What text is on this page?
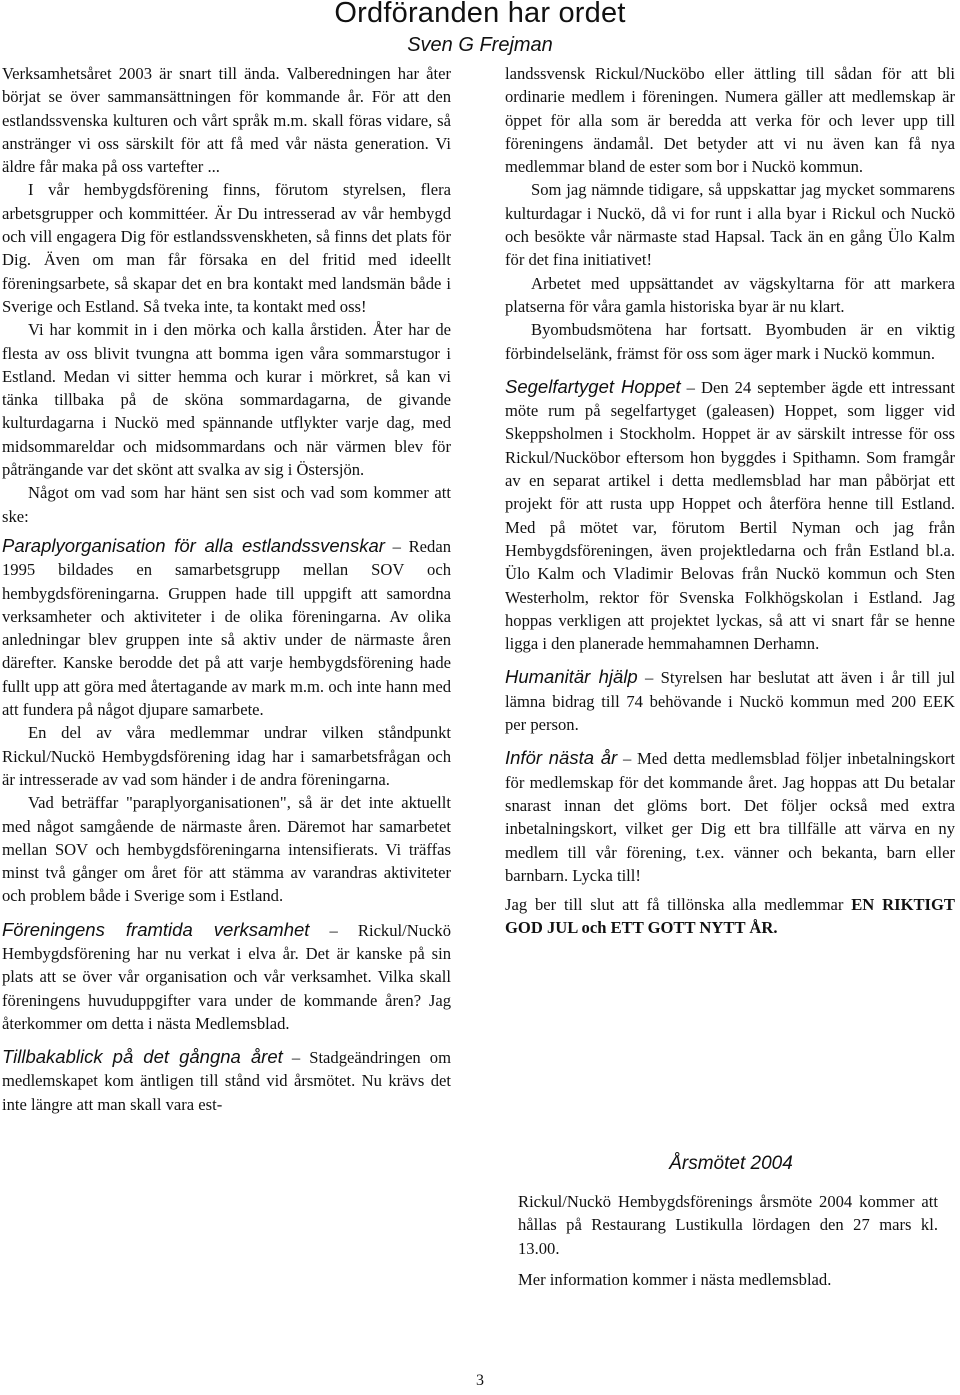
Ordföranden har ordet
Sven G Frejman

Verksamhetsåret 2003 är snart till ända. Valberedningen har åter börjat se över sammansättningen för kommande år. För att den estlandssvenska kulturen och vårt språk m.m. skall föras vidare, så anstränger vi oss särskilt för att få med vår nästa generation. Vi äldre får maka på oss vartefter ...

I vår hembygdsförening finns, förutom styrelsen, flera arbetsgrupper och kommittéer. Är Du intresserad av vår hembygd och vill engagera Dig för estlandssvenskheten, så finns det plats för Dig. Även om man får försaka en del fritid med ideellt föreningsarbete, så skapar det en bra kontakt med landsmän både i Sverige och Estland. Så tveka inte, ta kontakt med oss!

Vi har kommit in i den mörka och kalla årstiden. Åter har de flesta av oss blivit tvungna att bomma igen våra sommarstugor i Estland. Medan vi sitter hemma och kurar i mörkret, så kan vi tänka tillbaka på de sköna sommardagarna, de givande kulturdagarna i Nuckö med spännande utflykter varje dag, med midsommareldar och midsommardans och när värmen blev för påträngande var det skönt att svalka av sig i Östersjön.

Något om vad som har hänt sen sist och vad som kommer att ske:

Paraplyorganisation för alla estlandssvenskar – Redan 1995 bildades en samarbetsgrupp mellan SOV och hembygdsföreningarna. Gruppen hade till uppgift att samordna verksamheter och aktiviteter i de olika föreningarna. Av olika anledningar blev gruppen inte så aktiv under de närmaste åren därefter. Kanske berodde det på att varje hembygdsförening hade fullt upp att göra med återtagande av mark m.m. och inte hann med att fundera på något djupare samarbete.

En del av våra medlemmar undrar vilken ståndpunkt Rickul/Nuckö Hembygdsförening idag har i samarbetsfrågan och är intresserade av vad som händer i de andra föreningarna.

Vad beträffar "paraplyorganisationen", så är det inte aktuellt med något samgående de närmaste åren. Däremot har samarbetet mellan SOV och hembygdsföreningarna intensifierats. Vi träffas minst två gånger om året för att stämma av varandras aktiviteter och problem både i Sverige som i Estland.

Föreningens framtida verksamhet – Rickul/Nuckö Hembygdsförening har nu verkat i elva år. Det är kanske på sin plats att se över vår organisation och vår verksamhet. Vilka skall föreningens huvuduppgifter vara under de kommande åren? Jag återkommer om detta i nästa Medlemsblad.

Tillbakablick på det gångna året – Stadgeändringen om medlemskapet kom äntligen till stånd vid årsmötet. Nu krävs det inte längre att man skall vara est-

landssvensk Rickul/Nucköbo eller ättling till sådan för att bli ordinarie medlem i föreningen. Numera gäller att medlemskap är öppet för alla som är beredda att verka för och lever upp till föreningens ändamål. Det betyder att vi nu även kan få nya medlemmar bland de ester som bor i Nuckö kommun.

Som jag nämnde tidigare, så uppskattar jag mycket sommarens kulturdagar i Nuckö, då vi for runt i alla byar i Rickul och Nuckö och besökte vår närmaste stad Hapsal. Tack än en gång Ülo Kalm för det fina initiativet!

Arbetet med uppsättandet av vägskyltarna för att markera platserna för våra gamla historiska byar är nu klart.

Byombudsmötena har fortsatt. Byombuden är en viktig förbindelselänk, främst för oss som äger mark i Nuckö kommun.

Segelfartyget Hoppet – Den 24 september ägde ett intressant möte rum på segelfartyget (galeasen) Hoppet, som ligger vid Skeppsholmen i Stockholm. Hoppet är av särskilt intresse för oss Rickul/Nucköbor eftersom hon byggdes i Spithamn. Som framgår av en separat artikel i detta medlemsblad har man påbörjat ett projekt för att rusta upp Hoppet och återföra henne till Estland. Med på mötet var, förutom Bertil Nyman och jag från Hembygdsföreningen, även projektledarna och från Estland bl.a. Ülo Kalm och Vladimir Belovas från Nuckö kommun och Sten Westerholm, rektor för Svenska Folkhögskolan i Estland. Jag hoppas verkligen att projektet lyckas, så att vi snart får se henne ligga i den planerade hemmahamnen Derhamn.

Humanitär hjälp – Styrelsen har beslutat att även i år till jul lämna bidrag till 74 behövande i Nuckö kommun med 200 EEK per person.

Inför nästa år – Med detta medlemsblad följer inbetalningskort för medlemskap för det kommande året. Jag hoppas att Du betalar snarast innan det glöms bort. Det följer också med extra inbetalningskort, vilket ger Dig ett bra tillfälle att värva en ny medlem till vår förening, t.ex. vänner och bekanta, barn eller barnbarn. Lycka till!

Jag ber till slut att få tillönska alla medlemmar EN RIKTIGT GOD JUL och ETT GOTT NYTT ÅR.

Årsmötet 2004

Rickul/Nuckö Hembygdsförenings årsmöte 2004 kommer att hållas på Restaurang Lustikulla lördagen den 27 mars kl. 13.00.

Mer information kommer i nästa medlemsblad.

3
